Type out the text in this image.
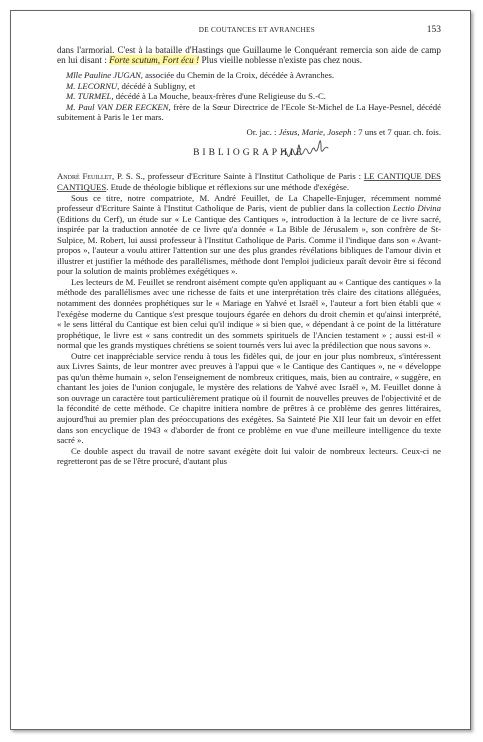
DE COUTANCES ET AVRANCHES	153

dans l'armorial. C'est à la bataille d'Hastings que Guillaume le Conquérant remercia son aide de camp en lui disant : Forte scutum, Fort écu ! Plus vieille noblesse n'existe pas chez nous.

Mlle Pauline JUGAN, associée du Chemin de la Croix, décédée à Avranches.

M. LECORNU, décédé à Subligny, et

M. TURMEL, décédé à La Mouche, beaux-frères d'une Religieuse du S.-C.

M. Paul VAN DER EECKEN, frère de la Sœur Directrice de l'Ecole St-Michel de La Haye-Pesnel, décédé subitement à Paris le 1er mars.

Or. jac. : Jésus, Marie, Joseph : 7 uns et 7 quar. ch. fois.

BIBLIOGRAPHIE

André Feuillet, P. S. S., professeur d'Ecriture Sainte à l'Institut Catholique de Paris : LE CANTIQUE DES CANTIQUES. Etude de théologie biblique et réflexions sur une méthode d'exégèse.

Sous ce titre, notre compatriote, M. André Feuillet, de La Chapelle-Enjuger, récemment nommé professeur d'Ecriture Sainte à l'Institut Catholique de Paris, vient de publier dans la collection Lectio Divina (Editions du Cerf), un étude sur « Le Cantique des Cantiques », introduction à la lecture de ce livre sacré, inspirée par la traduction annotée de ce livre qu'a donnée « La Bible de Jérusalem », son confrère de St-Sulpice, M. Robert, lui aussi professeur à l'Institut Catholique de Paris. Comme il l'indique dans son « Avant-propos », l'auteur a voulu attirer l'attention sur une des plus grandes révélations bibliques de l'amour divin et illustrer et justifier la méthode des parallélismes, méthode dont l'emploi judicieux paraît devoir être si fécond pour la solution de maints problèmes exégétiques ».

Les lecteurs de M. Feuillet se rendront aisément compte qu'en appliquant au « Cantique des cantiques » la méthode des parallélismes avec une richesse de faits et une interprétation très claire des citations alléguées, notamment des données prophétiques sur le « Mariage en Yahvé et Israël », l'auteur a fort bien établi que « l'exégèse moderne du Cantique s'est presque toujours égarée en dehors du droit chemin et qu'ainsi interprété, « le sens littéral du Cantique est bien celui qu'il indique » si bien que, « dépendant à ce point de la littérature prophétique, le livre est « sans contredit un des sommets spirituels de l'Ancien testament » ; aussi est-il « normal que les grands mystiques chrétiens se soient tournés vers lui avec la prédilection que nous savons ».

Outre cet inappréciable service rendu à tous les fidèles qui, de jour en jour plus nombreux, s'intéressent aux Livres Saints, de leur montrer avec preuves à l'appui que « le Cantique des Cantiques », ne « développe pas qu'un thème humain », selon l'enseignement de nombreux critiques, mais, bien au contraire, « suggère, en chantant les joies de l'union conjugale, le mystère des relations de Yahvé avec Israël », M. Feuillet donne à son ouvrage un caractère tout particulièrement pratique où il fournit de nouvelles preuves de l'objectivité et de la fécondité de cette méthode. Ce chapitre initiera nombre de prêtres à ce problème des genres littéraires, aujourd'hui au premier plan des préoccupations des exégètes. Sa Sainteté Pie XII leur fait un devoir en effet dans son encyclique de 1943 « d'aborder de front ce problème en vue d'une meilleure intelligence du texte sacré ».

Ce double aspect du travail de notre savant exégète doit lui valoir de nombreux lecteurs. Ceux-ci ne regretteront pas de se l'être procuré, d'autant plus
